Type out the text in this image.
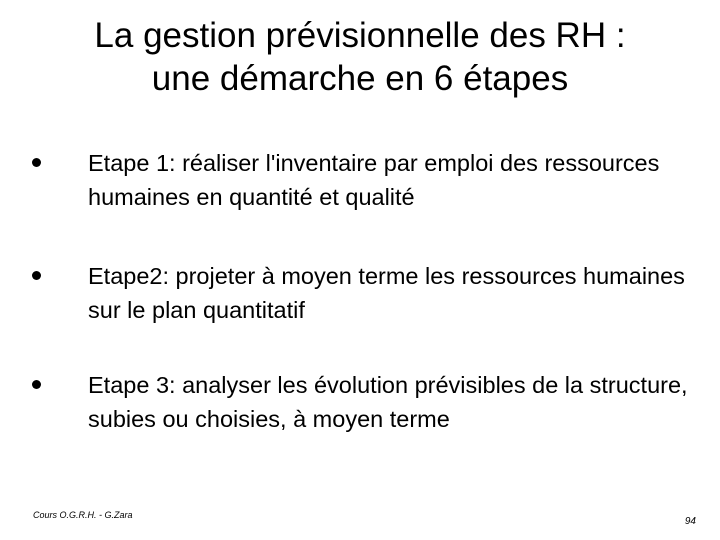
La gestion prévisionnelle des RH :
une démarche en 6 étapes
Etape 1: réaliser l'inventaire par emploi des ressources humaines en quantité et qualité
Etape2: projeter à moyen terme les ressources humaines sur le plan quantitatif
Etape 3: analyser les évolution prévisibles de la structure, subies ou choisies, à moyen terme
Cours O.G.R.H. - G.Zara
94
